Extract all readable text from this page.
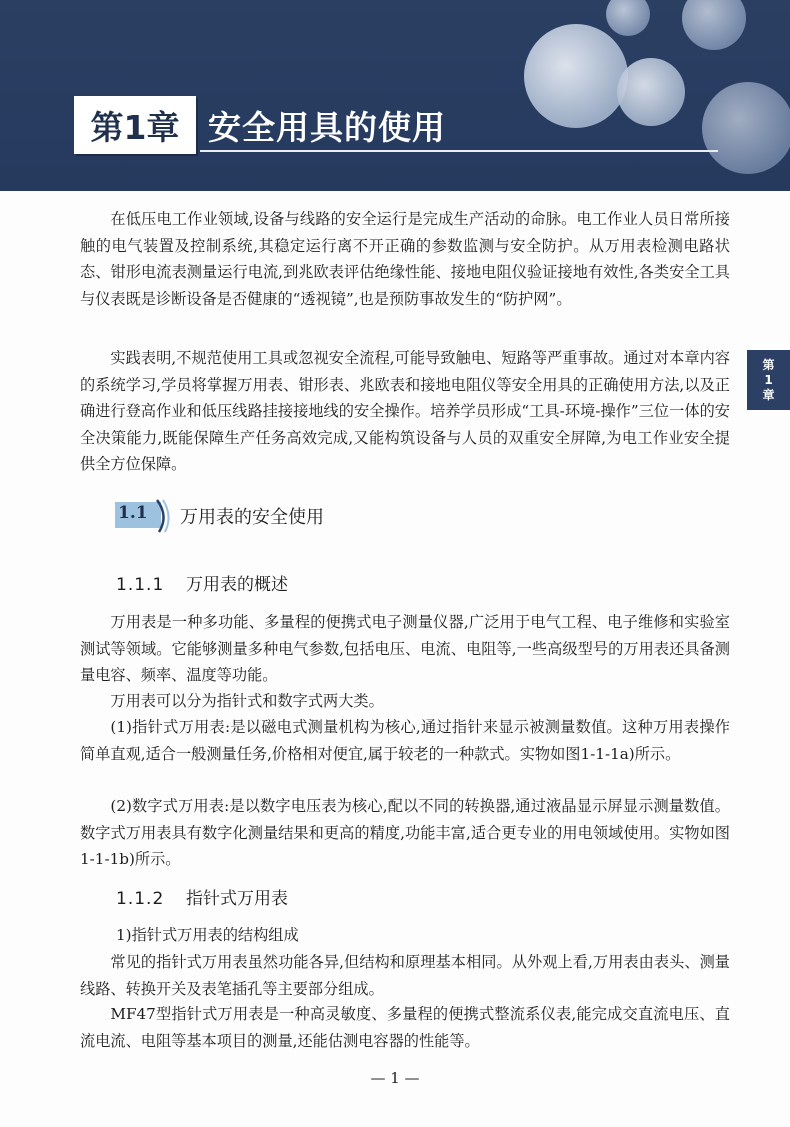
第1章 安全用具的使用
第
1
章

在低压电工作业领域,设备与线路的安全运行是完成生产活动的命脉。电工作业人员日常所接触的电气装置及控制系统,其稳定运行离不开正确的参数监测与安全防护。从万用表检测电路状态、钳形电流表测量运行电流,到兆欧表评估绝缘性能、接地电阻仪验证接地有效性,各类安全工具与仪表既是诊断设备是否健康的“透视镜”,也是预防事故发生的“防护网”。

实践表明,不规范使用工具或忽视安全流程,可能导致触电、短路等严重事故。通过对本章内容的系统学习,学员将掌握万用表、钳形表、兆欧表和接地电阻仪等安全用具的正确使用方法,以及正确进行登高作业和低压线路挂接接地线的安全操作。培养学员形成“工具-环境-操作”三位一体的安全决策能力,既能保障生产任务高效完成,又能构筑设备与人员的双重安全屏障,为电工作业安全提供全方位保障。

1.1 万用表的安全使用
1.1.1 万用表的概述

万用表是一种多功能、多量程的便携式电子测量仪器,广泛用于电气工程、电子维修和实验室测试等领域。它能够测量多种电气参数,包括电压、电流、电阻等,一些高级型号的万用表还具备测量电容、频率、温度等功能。

万用表可以分为指针式和数字式两大类。

(1)指针式万用表:是以磁电式测量机构为核心,通过指针来显示被测量数值。这种万用表操作简单直观,适合一般测量任务,价格相对便宜,属于较老的一种款式。实物如图1-1-1a)所示。

(2)数字式万用表:是以数字电压表为核心,配以不同的转换器,通过液晶显示屏显示测量数值。数字式万用表具有数字化测量结果和更高的精度,功能丰富,适合更专业的用电领域使用。实物如图1-1-1b)所示。

1.1.2 指针式万用表

1)指针式万用表的结构组成

常见的指针式万用表虽然功能各异,但结构和原理基本相同。从外观上看,万用表由表头、测量线路、转换开关及表笔插孔等主要部分组成。

MF47型指针式万用表是一种高灵敏度、多量程的便携式整流系仪表,能完成交直流电压、直流电流、电阻等基本项目的测量,还能估测电容器的性能等。

— 1 —
